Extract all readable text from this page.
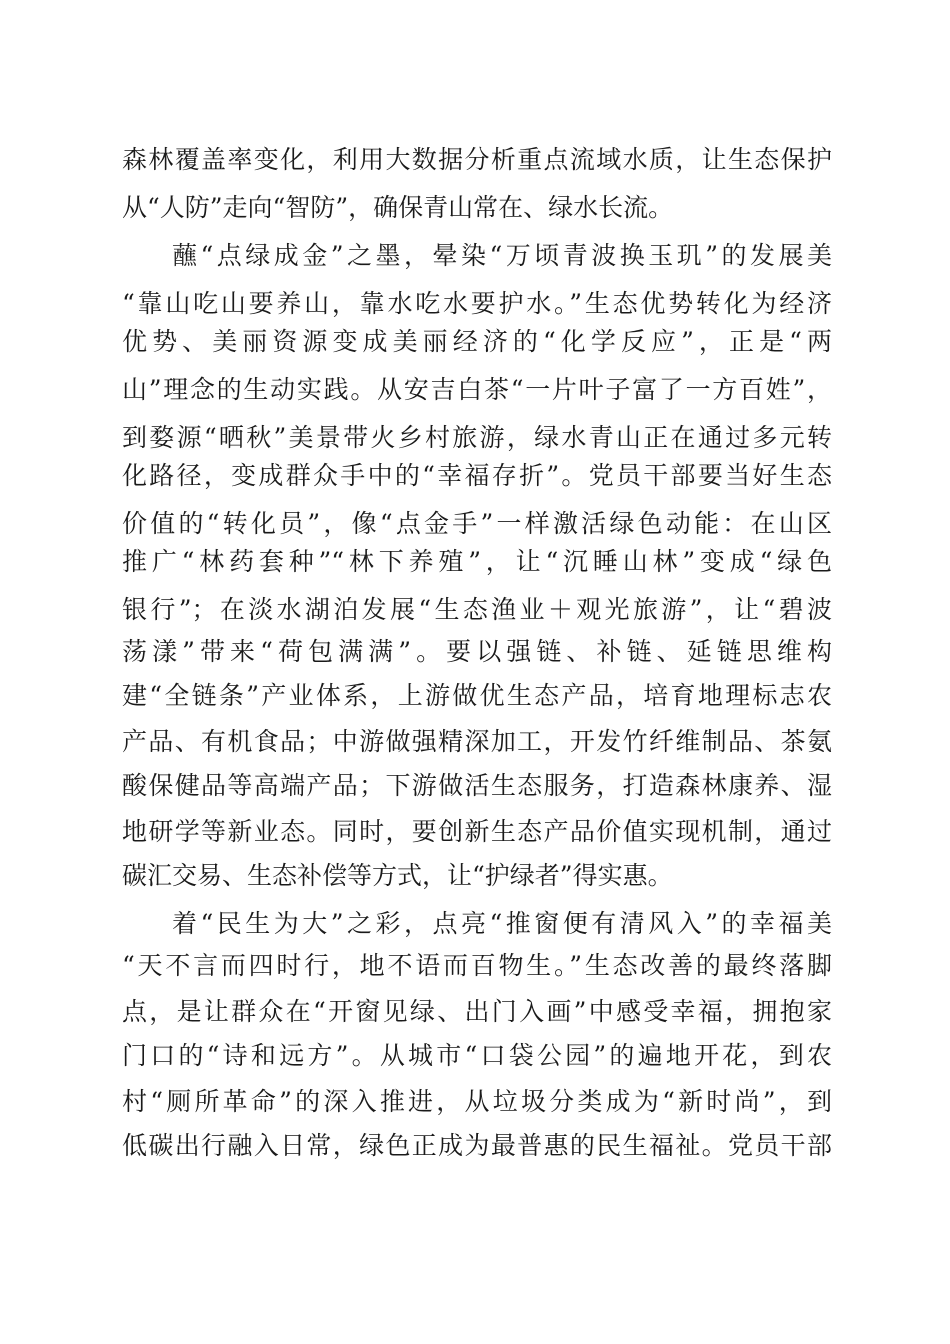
森林覆盖率变化，利用大数据分析重点流域水质，让生态保护
从“人防”走向“智防”，确保青山常在、绿水长流。
蘸“点绿成金”之墨，晕染“万顷青波换玉玑”的发展美
“靠山吃山要养山，靠水吃水要护水。”生态优势转化为经济
优势、美丽资源变成美丽经济的“化学反应”，正是“两
山”理念的生动实践。从安吉白茶“一片叶子富了一方百姓”，
到婺源“晒秋”美景带火乡村旅游，绿水青山正在通过多元转
化路径，变成群众手中的“幸福存折”。党员干部要当好生态
价值的“转化员”，像“点金手”一样激活绿色动能：在山区
推广“林药套种”“林下养殖”，让“沉睡山林”变成“绿色
银行”；在淡水湖泊发展“生态渔业＋观光旅游”，让“碧波
荡漾”带来“荷包满满”。要以强链、补链、延链思维构
建“全链条”产业体系，上游做优生态产品，培育地理标志农
产品、有机食品；中游做强精深加工，开发竹纤维制品、茶氨
酸保健品等高端产品；下游做活生态服务，打造森林康养、湿
地研学等新业态。同时，要创新生态产品价值实现机制，通过
碳汇交易、生态补偿等方式，让“护绿者”得实惠。
着“民生为大”之彩，点亮“推窗便有清风入”的幸福美
“天不言而四时行，地不语而百物生。”生态改善的最终落脚
点，是让群众在“开窗见绿、出门入画”中感受幸福，拥抱家
门口的“诗和远方”。从城市“口袋公园”的遍地开花，到农
村“厕所革命”的深入推进，从垃圾分类成为“新时尚”，到
低碳出行融入日常，绿色正成为最普惠的民生福祉。党员干部
